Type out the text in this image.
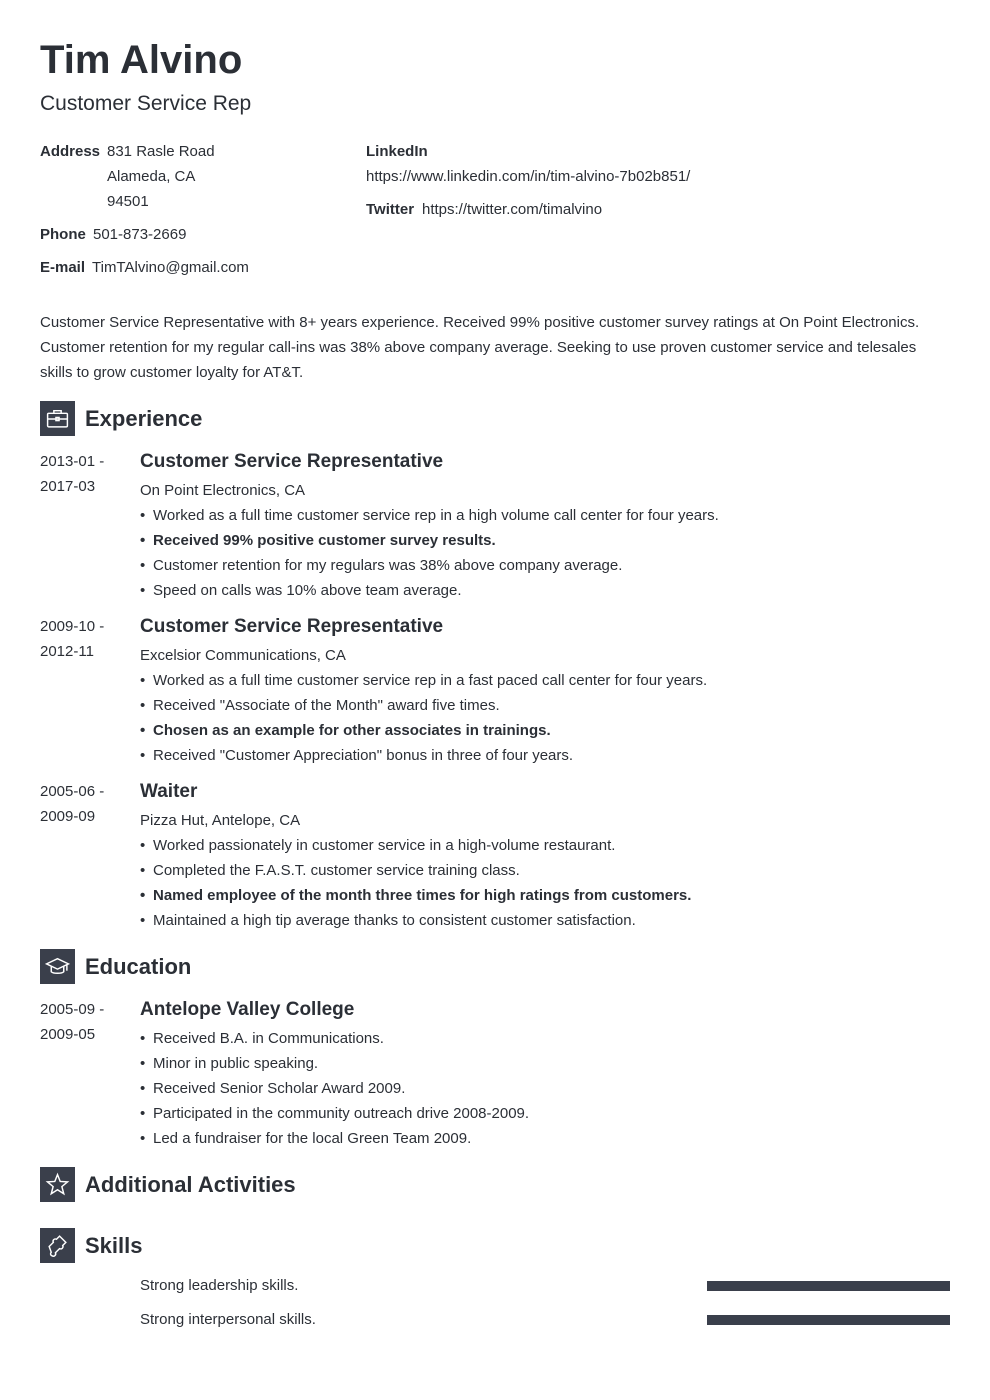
Tim Alvino
Customer Service Rep
Address 831 Rasle Road
Alameda, CA
94501
Phone 501-873-2669
E-mail TimTAlvino@gmail.com
LinkedIn
https://www.linkedin.com/in/tim-alvino-7b02b851/
Twitter https://twitter.com/timalvino
Customer Service Representative with 8+ years experience. Received 99% positive customer survey ratings at On Point Electronics. Customer retention for my regular call-ins was 38% above company average. Seeking to use proven customer service and telesales skills to grow customer loyalty for AT&T.
Experience
2013-01 -
2017-03
Customer Service Representative
On Point Electronics, CA
• Worked as a full time customer service rep in a high volume call center for four years.
• Received 99% positive customer survey results.
• Customer retention for my regulars was 38% above company average.
• Speed on calls was 10% above team average.
2009-10 -
2012-11
Customer Service Representative
Excelsior Communications, CA
• Worked as a full time customer service rep in a fast paced call center for four years.
• Received "Associate of the Month" award five times.
• Chosen as an example for other associates in trainings.
• Received "Customer Appreciation" bonus in three of four years.
2005-06 -
2009-09
Waiter
Pizza Hut, Antelope, CA
• Worked passionately in customer service in a high-volume restaurant.
• Completed the F.A.S.T. customer service training class.
• Named employee of the month three times for high ratings from customers.
• Maintained a high tip average thanks to consistent customer satisfaction.
Education
2005-09 -
2009-05
Antelope Valley College
• Received B.A. in Communications.
• Minor in public speaking.
• Received Senior Scholar Award 2009.
• Participated in the community outreach drive 2008-2009.
• Led a fundraiser for the local Green Team 2009.
Additional Activities
Skills
Strong leadership skills.
Strong interpersonal skills.
